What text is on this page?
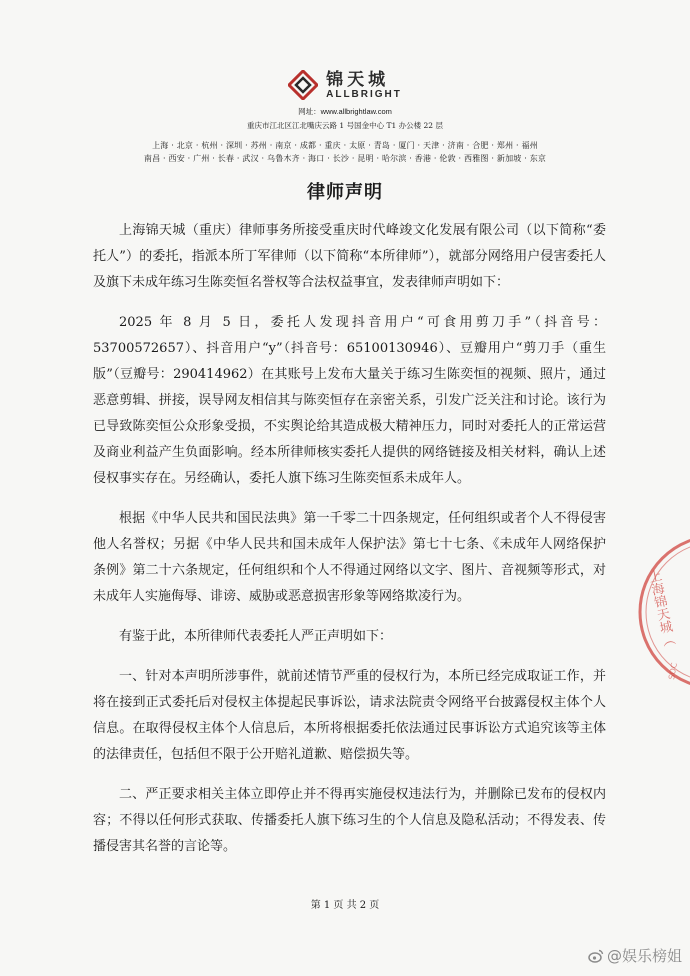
锦天城
ALLBRIGHT
网址：www.allbrightlaw.com
重庆市江北区江北嘴庆云路 1 号国金中心 T1 办公楼 22 层
上海 · 北京 · 杭州 · 深圳 · 苏州 · 南京 · 成都 · 重庆 · 太原 · 青岛 · 厦门 · 天津 · 济南 · 合肥 · 郑州 · 福州
南昌 · 西安 · 广州 · 长春 · 武汉 · 乌鲁木齐 · 海口 · 长沙 · 昆明 · 哈尔滨 · 香港 · 伦敦 · 西雅图 · 新加坡 · 东京
律师声明

上海锦天城（重庆）律师事务所接受重庆时代峰竣文化发展有限公司（以下简称“委托人”）的委托，指派本所丁军律师（以下简称“本所律师”），就部分网络用户侵害委托人及旗下未成年练习生陈奕恒名誉权等合法权益事宜，发表律师声明如下：

2025 年 8 月 5 日，委托人发现抖音用户“可食用剪刀手”（抖音号：53700572657）、抖音用户“y”（抖音号：65100130946）、豆瓣用户“剪刀手（重生版”（豆瓣号：290414962）在其账号上发布大量关于练习生陈奕恒的视频、照片，通过恶意剪辑、拼接，误导网友相信其与陈奕恒存在亲密关系，引发广泛关注和讨论。该行为已导致陈奕恒公众形象受损，不实舆论给其造成极大精神压力，同时对委托人的正常运营及商业利益产生负面影响。经本所律师核实委托人提供的网络链接及相关材料，确认上述侵权事实存在。另经确认，委托人旗下练习生陈奕恒系未成年人。

根据《中华人民共和国民法典》第一千零二十四条规定，任何组织或者个人不得侵害他人名誉权；另据《中华人民共和国未成年人保护法》第七十七条、《未成年人网络保护条例》第二十六条规定，任何组织和个人不得通过网络以文字、图片、音视频等形式，对未成年人实施侮辱、诽谤、威胁或恶意损害形象等网络欺凌行为。

有鉴于此，本所律师代表委托人严正声明如下：

一、针对本声明所涉事件，就前述情节严重的侵权行为，本所已经完成取证工作，并将在接到正式委托后对侵权主体提起民事诉讼，请求法院责令网络平台披露侵权主体个人信息。在取得侵权主体个人信息后，本所将根据委托依法通过民事诉讼方式追究该等主体的法律责任，包括但不限于公开赔礼道歉、赔偿损失等。

二、严正要求相关主体立即停止并不得再实施侵权违法行为，并删除已发布的侵权内容；不得以任何形式获取、传播委托人旗下练习生的个人信息及隐私活动；不得发表、传播侵害其名誉的言论等。

上海锦天城（
SOC
第 1 页 共 2 页
@娱乐榜姐
